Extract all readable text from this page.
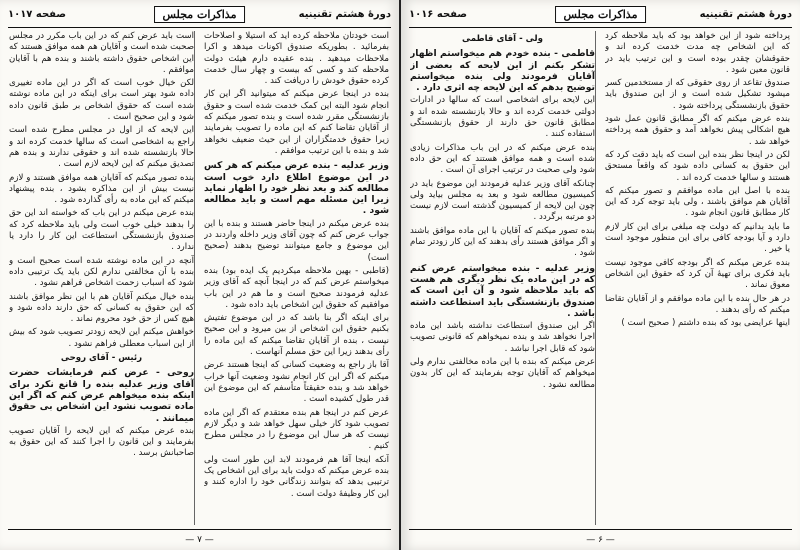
دورهٔ هشتم تقنینیه
مذاکرات مجلس
صفحه ۱۰۱۷

است خودتان ملاحظه کرده اید که استیلا و اصلاحات بفرمائید . بطوریکه صندوق اکونات میدهد و اکرا ملاحظات میدهید . بنده عقیده دارم هیئت دولت ملاحظه کند و کسی که بیست و چهار سال خدمت کرده حقوق خودش را دریافت کند .

بنده در اینجا عرض میکنم که میتوانید اگر این کار انجام شود البته این کمک خدمت شده است و حقوق بازنشستگی مقرر شده است و بنده تصور میکنم که از آقایان تقاضا کنم که این ماده را تصویب بفرمایند زیرا حقوق خدمتگزاران از این حیث ضعیف نخواهد شد و بنده با این ترتیب موافقم .

وزیر عدلیه - بنده عرض میکنم که هر کس در این موضوع اطلاع دارد خوب است مطالعه کند و بعد نظر خود را اظهار نماید زیرا این مسئله مهم است و باید مطالعه شود .

بنده عرض میکنم در اینجا حاضر هستند و بنده با این جواب عرض کنم که چون آقای وزیر داخله واردند در این موضوع و جامع میتوانند توضیح بدهند (صحیح است)

(قاطبی - بهین ملاحظه میکردیم یک ایده بود) بنده میخواستم عرض کنم که در اینجا آنچه که آقای وزیر عدلیه فرمودند صحیح است و ما هم در این باب موافقیم که حقوق این اشخاص باید داده شود .

برای اینکه اگر بنا باشد که در این موضوع تفتیش بکنیم حقوق این اشخاص از بین میرود و این صحیح نیست ، بنده از آقایان تقاضا میکنم که این ماده را رأی بدهند زیرا این حق مسلم آنهاست .

آقا باز راجع به وضعیت کسانی که اینجا هستند عرض میکنم که اگر این کار انجام نشود وضعیت آنها خراب خواهد شد و بنده حقیقتاً متأسفم که این موضوع این قدر طول کشیده است .

عرض کنم در اینجا هم بنده معتقدم که اگر این ماده تصویب شود کار خیلی سهل خواهد شد و دیگر لازم نیست که هر سال این موضوع را در مجلس مطرح کنیم .

آنکه اینجا آقا هم فرمودند لابد این طور است ولی بنده عرض میکنم که دولت باید برای این اشخاص یک ترتیبی بدهد که بتوانند زندگانی خود را اداره کنند و این کار وظیفهٔ دولت است .

است باید عرض کنم که در این باب مکرر در مجلس صحبت شده است و آقایان هم همه موافق هستند که این اشخاص حقوق داشته باشند و بنده هم با آقایان موافقم .

لکن خیال خوب است که اگر در این ماده تغییری داده شود بهتر است برای اینکه در این ماده نوشته شده است که حقوق اشخاص بر طبق قانون داده شود و این صحیح است .

این لایحه که از اول در مجلس مطرح شده است راجع به اشخاصی است که سالها خدمت کرده اند و حالا بازنشسته شده اند و حقوقی ندارند و بنده هم تصدیق میکنم که این لایحه لازم است .

بنده تصور میکنم که آقایان همه موافق هستند و لازم نیست بیش از این مذاکره بشود ، بنده پیشنهاد میکنم که این ماده به رأی گذارده شود .

بنده عرض میکنم در این باب که خواسته اند این حق را بدهند خیلی خوب است ولی باید ملاحظه کرد که صندوق بازنشستگی استطاعت این کار را دارد یا ندارد .

آنچه در این ماده نوشته شده است صحیح است و بنده با آن مخالفتی ندارم لکن باید یک ترتیبی داده شود که اسباب زحمت اشخاص فراهم نشود .

بنده خیال میکنم آقایان هم با این نظر موافق باشند که این حقوق به کسانی که حق دارند داده شود و هیچ کس از حق خود محروم نماند .

خواهش میکنم این لایحه زودتر تصویب شود که بیش از این اسباب معطلی فراهم نشود .

رئیس - آقای روحی

روحی - عرض کنم فرمایشات حضرت آقای وزیر عدلیه بنده را قانع نکرد برای اینکه بنده میخواهم عرض کنم که اگر این ماده تصویب نشود این اشخاص بی حقوق میمانند .

بنده عرض میکنم که این لایحه را آقایان تصویب بفرمایند و این قانون را اجرا کنند که این حقوق به صاحبانش برسد .

— ۷ —
دورهٔ هشتم تقنینیه
مذاکرات مجلس
صفحه ۱۰۱۶

پرداخته شود از این خواهد بود که باید ملاحظه کرد که این اشخاص چه مدت خدمت کرده اند و حقوقشان چقدر بوده است و این ترتیب باید در قانون معین شود .

صندوق تقاعد از روی حقوقی که از مستخدمین کسر میشود تشکیل شده است و از این صندوق باید حقوق بازنشستگی پرداخته شود .

بنده عرض میکنم که اگر مطابق قانون عمل شود هیچ اشکالی پیش نخواهد آمد و حقوق همه پرداخته خواهد شد .

لکن در اینجا نظر بنده این است که باید دقت کرد که این حقوق به کسانی داده شود که واقعاً مستحق هستند و سالها خدمت کرده اند .

بنده با اصل این ماده موافقم و تصور میکنم که آقایان هم موافق باشند ، ولی باید توجه کرد که این کار مطابق قانون انجام شود .

ما باید بدانیم که دولت چه مبلغی برای این کار لازم دارد و آیا بودجه کافی برای این منظور موجود است یا خیر .

بنده عرض میکنم که اگر بودجه کافی موجود نیست باید فکری برای تهیهٔ آن کرد که حقوق این اشخاص معوق نماند .

در هر حال بنده با این ماده موافقم و از آقایان تقاضا میکنم که رأی بدهند .

اینها عرایضی بود که بنده داشتم ( صحیح است )

ولی - آقای قاطمی

قاطمی - بنده خودم هم میخواستم اظهار تشکر بکنم از این لایحه که بعضی از آقایان فرمودند ولی بنده میخواستم توضیح بدهم که این لایحه چه اثری دارد .

این لایحه برای اشخاصی است که سالها در ادارات دولتی خدمت کرده اند و حالا بازنشسته شده اند و مطابق قانون حق دارند از حقوق بازنشستگی استفاده کنند .

بنده عرض میکنم که در این باب مذاکرات زیادی شده است و همه موافق هستند که این حق داده شود ولی صحبت در ترتیب اجرای آن است .

چنانکه آقای وزیر عدلیه فرمودند این موضوع باید در کمیسیون مطالعه شود و بعد به مجلس بیاید ولی چون این لایحه از کمیسیون گذشته است لازم نیست دو مرتبه برگردد .

بنده تصور میکنم که آقایان با این ماده موافق باشند و اگر موافق هستند رأی بدهند که این کار زودتر تمام شود .

وزیر عدلیه - بنده میخواستم عرض کنم که در این ماده یک نظر دیگری هم هست که باید ملاحظه شود و آن این است که صندوق بازنشستگی باید استطاعت داشته باشد .

اگر این صندوق استطاعت نداشته باشد این ماده اجرا نخواهد شد و بنده نمیخواهم که قانونی تصویب شود که قابل اجرا نباشد .

عرض میکنم که بنده با این ماده مخالفتی ندارم ولی میخواهم که آقایان توجه بفرمایند که این کار بدون مطالعه نشود .

— ۶ —
